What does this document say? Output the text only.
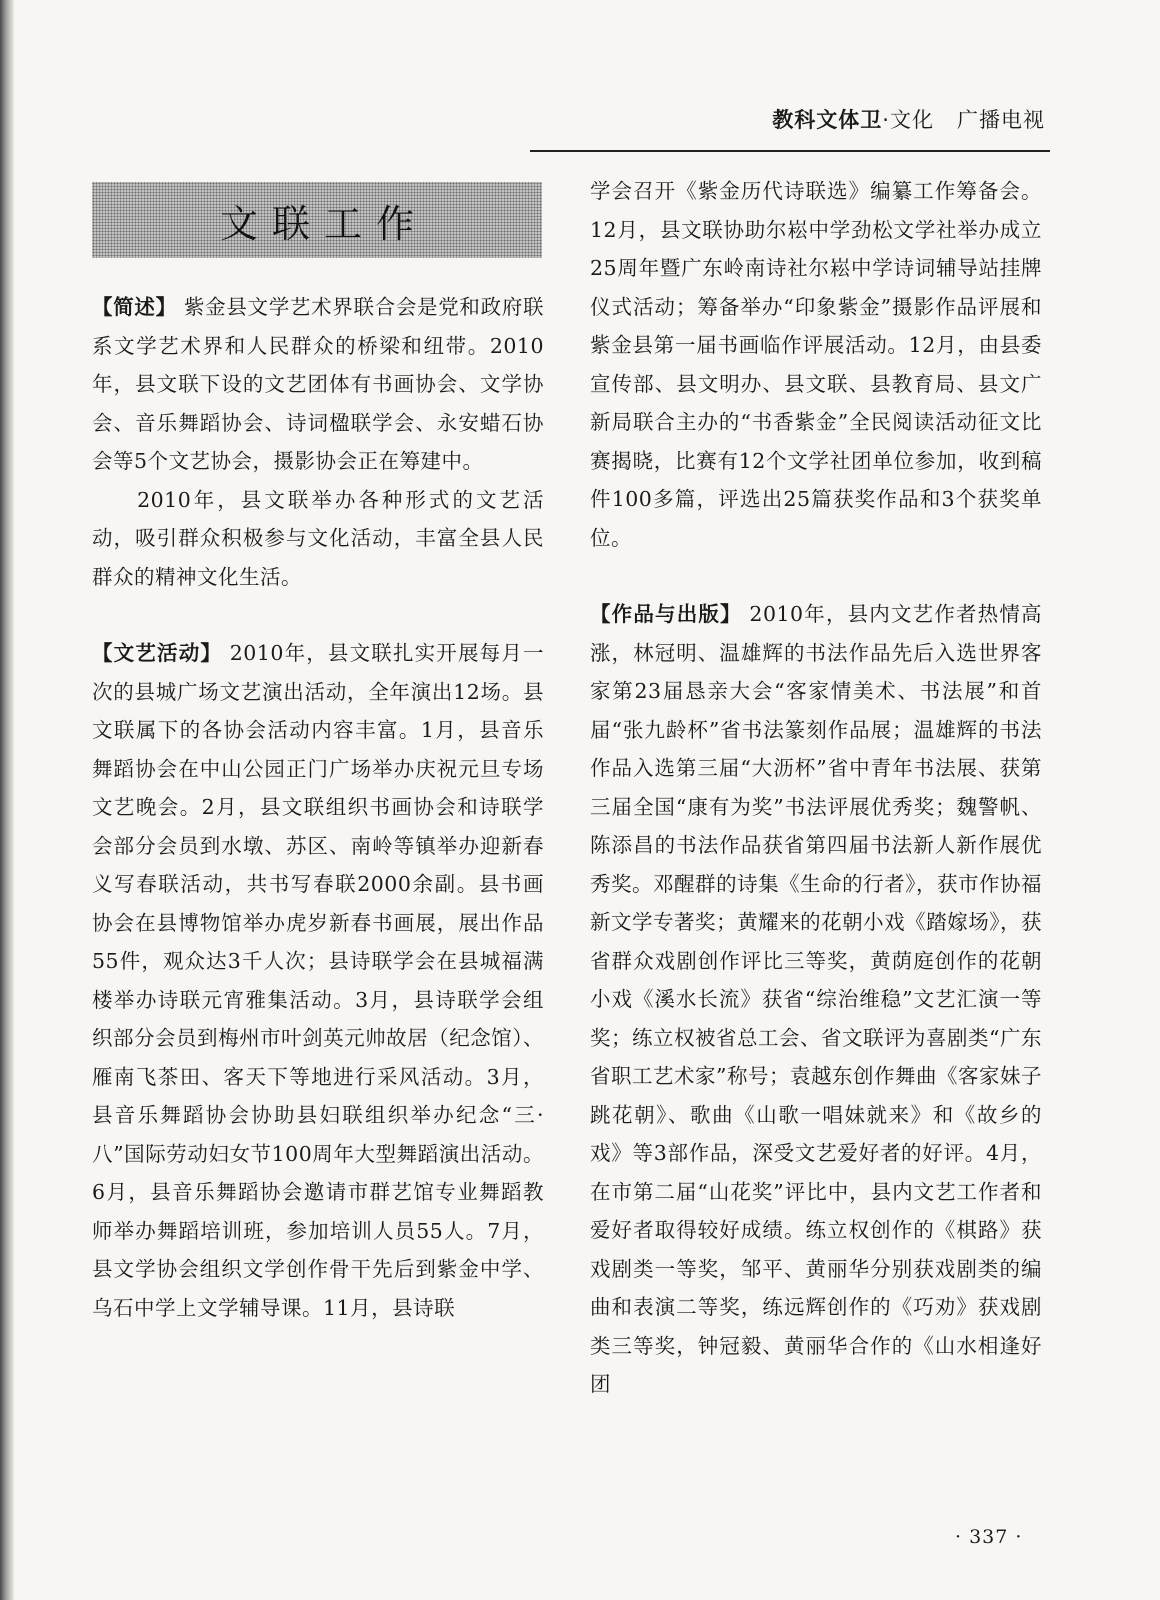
教科文体卫·文化 广播电视
文联工作

【简述】 紫金县文学艺术界联合会是党和政府联系文学艺术界和人民群众的桥梁和纽带。2010年，县文联下设的文艺团体有书画协会、文学协会、音乐舞蹈协会、诗词楹联学会、永安蜡石协会等5个文艺协会，摄影协会正在筹建中。

2010年，县文联举办各种形式的文艺活动，吸引群众积极参与文化活动，丰富全县人民群众的精神文化生活。

【文艺活动】 2010年，县文联扎实开展每月一次的县城广场文艺演出活动，全年演出12场。县文联属下的各协会活动内容丰富。1月，县音乐舞蹈协会在中山公园正门广场举办庆祝元旦专场文艺晚会。2月，县文联组织书画协会和诗联学会部分会员到水墩、苏区、南岭等镇举办迎新春义写春联活动，共书写春联2000余副。县书画协会在县博物馆举办虎岁新春书画展，展出作品55件，观众达3千人次；县诗联学会在县城福满楼举办诗联元宵雅集活动。3月，县诗联学会组织部分会员到梅州市叶剑英元帅故居（纪念馆）、雁南飞茶田、客天下等地进行采风活动。3月，县音乐舞蹈协会协助县妇联组织举办纪念“三·八”国际劳动妇女节100周年大型舞蹈演出活动。6月，县音乐舞蹈协会邀请市群艺馆专业舞蹈教师举办舞蹈培训班，参加培训人员55人。7月，县文学协会组织文学创作骨干先后到紫金中学、乌石中学上文学辅导课。11月，县诗联

学会召开《紫金历代诗联选》编纂工作筹备会。12月，县文联协助尔崧中学劲松文学社举办成立25周年暨广东岭南诗社尔崧中学诗词辅导站挂牌仪式活动；筹备举办“印象紫金”摄影作品评展和紫金县第一届书画临作评展活动。12月，由县委宣传部、县文明办、县文联、县教育局、县文广新局联合主办的“书香紫金”全民阅读活动征文比赛揭晓，比赛有12个文学社团单位参加，收到稿件100多篇，评选出25篇获奖作品和3个获奖单位。

【作品与出版】 2010年，县内文艺作者热情高涨，林冠明、温雄辉的书法作品先后入选世界客家第23届恳亲大会“客家情美术、书法展”和首届“张九龄杯”省书法篆刻作品展；温雄辉的书法作品入选第三届“大沥杯”省中青年书法展、获第三届全国“康有为奖”书法评展优秀奖；魏警帆、陈添昌的书法作品获省第四届书法新人新作展优秀奖。邓醒群的诗集《生命的行者》，获市作协福新文学专著奖；黄耀来的花朝小戏《踏嫁场》，获省群众戏剧创作评比三等奖，黄荫庭创作的花朝小戏《溪水长流》获省“综治维稳”文艺汇演一等奖；练立权被省总工会、省文联评为喜剧类“广东省职工艺术家”称号；袁越东创作舞曲《客家妹子跳花朝》、歌曲《山歌一唱妹就来》和《故乡的戏》等3部作品，深受文艺爱好者的好评。4月，在市第二届“山花奖”评比中，县内文艺工作者和爱好者取得较好成绩。练立权创作的《棋路》获戏剧类一等奖，邹平、黄丽华分别获戏剧类的编曲和表演二等奖，练远辉创作的《巧劝》获戏剧类三等奖，钟冠毅、黄丽华合作的《山水相逢好团

· 337 ·
